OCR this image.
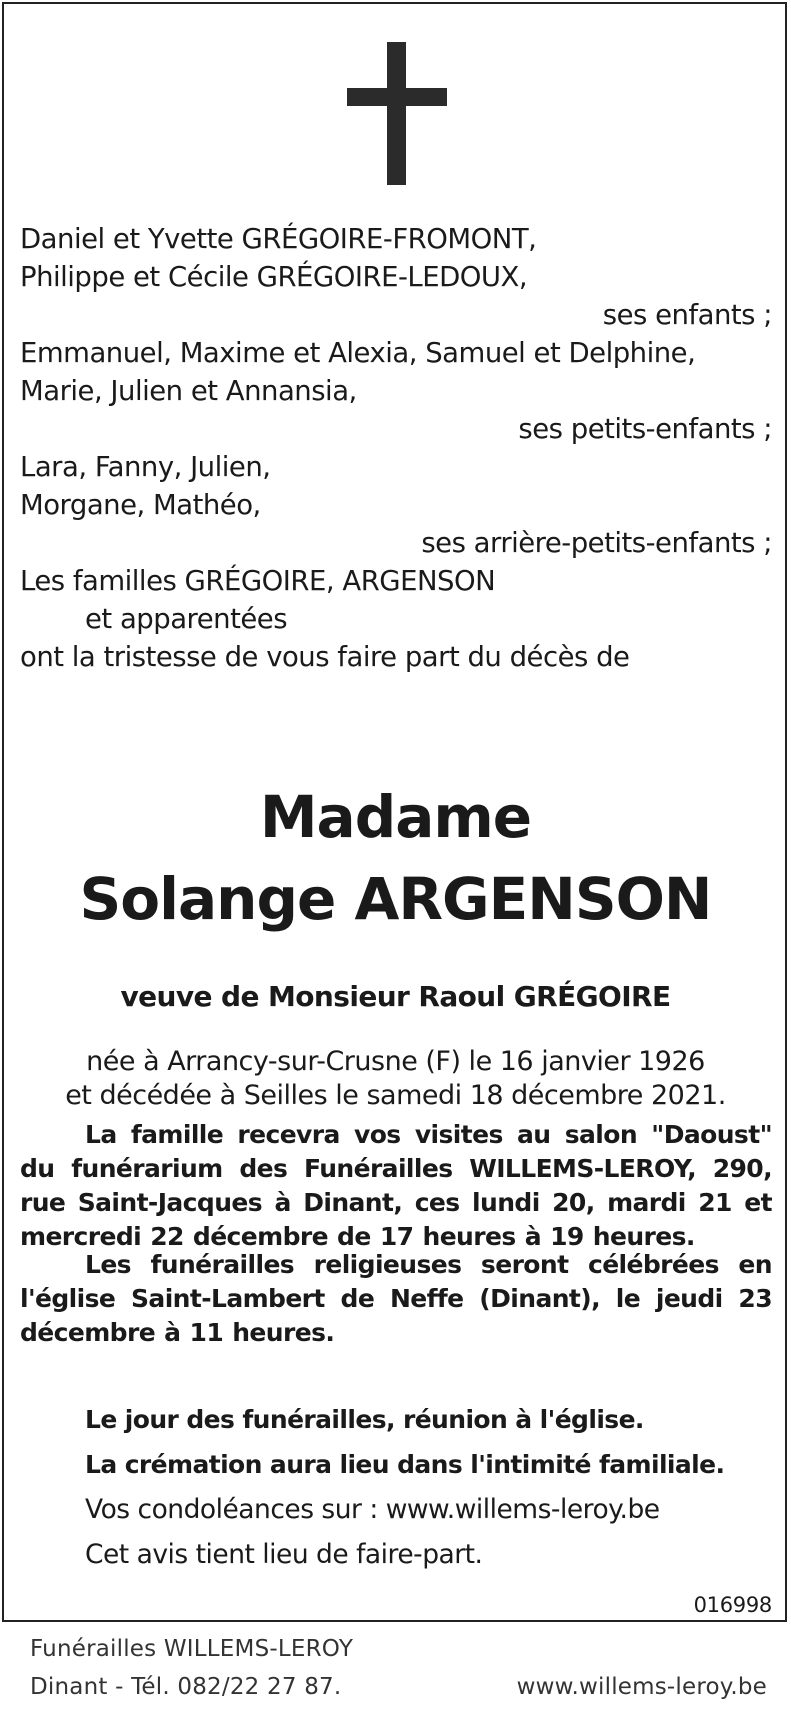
Daniel et Yvette GRÉGOIRE-FROMONT,
Philippe et Cécile GRÉGOIRE-LEDOUX,
ses enfants ;
Emmanuel, Maxime et Alexia, Samuel et Delphine,
Marie, Julien et Annansia,
ses petits-enfants ;
Lara, Fanny, Julien,
Morgane, Mathéo,
ses arrière-petits-enfants ;
Les familles GRÉGOIRE, ARGENSON
et apparentées
ont la tristesse de vous faire part du décès de
Madame
Solange ARGENSON
veuve de Monsieur Raoul GRÉGOIRE
née à Arrancy-sur-Crusne (F) le 16 janvier 1926
et décédée à Seilles le samedi 18 décembre 2021.

La famille recevra vos visites au salon "Daoust" du funérarium des Funérailles WILLEMS-LEROY, 290, rue Saint-Jacques à Dinant, ces lundi 20, mardi 21 et mercredi 22 décembre de 17 heures à 19 heures.

Les funérailles religieuses seront célébrées en l'église Saint-Lambert de Neffe (Dinant), le jeudi 23 décembre à 11 heures.

Le jour des funérailles, réunion à l'église.
La crémation aura lieu dans l'intimité familiale.
Vos condoléances sur : www.willems-leroy.be
Cet avis tient lieu de faire-part.
016998
Funérailles WILLEMS-LEROY
Dinant - Tél. 082/22 27 87.	www.willems-leroy.be
